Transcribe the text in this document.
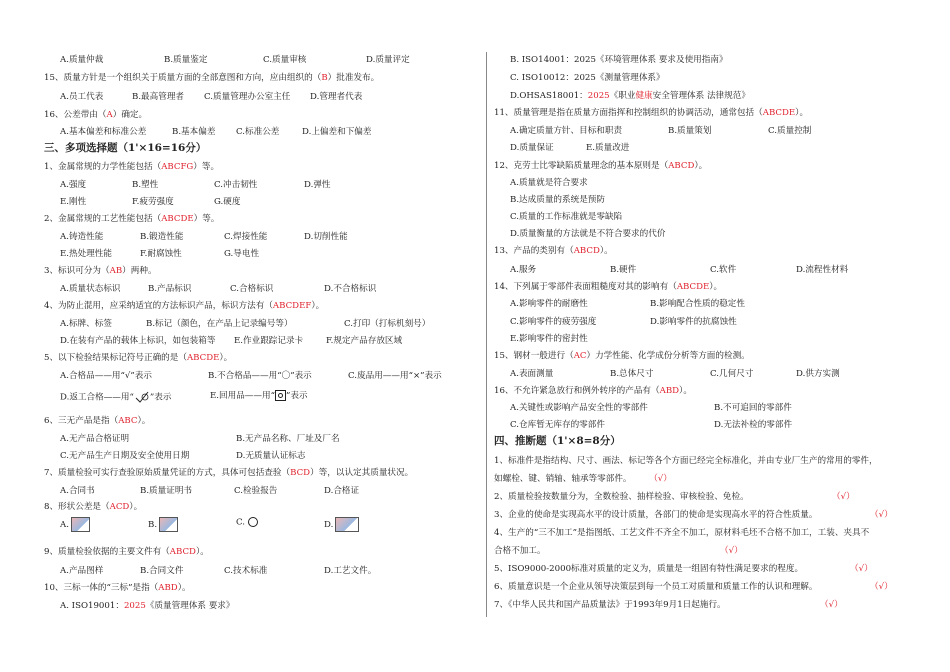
A.质量仲裁	B.质量鉴定	C.质量审核	D.质量评定
15、质量方针是一个组织关于质量方面的全部意图和方向，应由组织的（B）批准发布。
A.员工代表	B.最高管理者 C.质量管理办公室主任 D.管理者代表
16、公差带由（A）确定。
A.基本偏差和标准公差	B.基本偏差 C.标准公差	D.上偏差和下偏差
三、多项选择题（1'×16=16分）
1、金属常规的力学性能包括（ABCFG）等。
A.强度	B.塑性	C.冲击韧性	D.弹性
E.刚性	F.疲劳强度	G.硬度
2、金属常规的工艺性能包括（ABCDE）等。
A.铸造性能	B.锻造性能	C.焊接性能	D.切削性能
E.热处理性能	F.耐腐蚀性	G.导电性
3、标识可分为（AB）两种。
A.质量状态标识	B.产品标识	C.合格标识	D.不合格标识
4、为防止混用，应采纳适宜的方法标识产品，标识方法有（ABCDEF）。
A.标牌、标签	B.标记（颜色，在产品上记录编号等）	C.打印（打标机刻号）
D.在装有产品的载体上标识，如包装箱等 E.作业跟踪记录卡	F.规定产品存放区域
5、以下检验结果标记符号正确的是（ABCDE）。
A.合格品——用“√”表示	B.不合格品——用“〇”表示	C.废品用——用“×”表示
D.返工合格——用“ ”表示	E.回用品——用“ ”表示
6、三无产品是指（ABC）。
A.无产品合格证明	B.无产品名称、厂址及厂名
C.无产品生产日期及安全使用日期	D.无质量认证标志
7、质量检验可实行查验原始质量凭证的方式，具体可包括查验（BCD）等，以认定其质量状况。
A.合同书	B.质量证明书	C.检验报告	D.合格证
8、形状公差是（ACD）。
A.	B.	C.	D.
9、质量检验依据的主要文件有（ABCD）。
A.产品图样	B.合同文件	C.技术标准	D.工艺文件。
10、三标一体的“三标”是指（ABD）。
A. ISO19001：2025《质量管理体系 要求》
B. ISO14001：2025《环境管理体系 要求及使用指南》
C. ISO10012：2025《测量管理体系》
D.OHSAS18001：2025《职业健康安全管理体系 法律规范》
11、质量管理是指在质量方面指挥和控制组织的协调活动，通常包括（ABCDE）。
A.确定质量方针、目标和职责	B.质量策划	C.质量控制
D.质量保证	E.质量改进
12、克劳士比零缺陷质量理念的基本原则是（ABCD）。
A.质量就是符合要求
B.达成质量的系统是预防
C.质量的工作标准就是零缺陷
D.质量衡量的方法就是不符合要求的代价
13、产品的类别有（ABCD）。
A.服务	B.硬件	C.软件	D.流程性材料
14、下列属于零部件表面粗糙度对其的影响有（ABCDE）。
A.影响零件的耐磨性	B.影响配合性质的稳定性
C.影响零件的疲劳强度	D.影响零件的抗腐蚀性
E.影响零件的密封性
15、钢材一般进行（AC）力学性能、化学成份分析等方面的检测。
A.表面测量	B.总体尺寸	C.几何尺寸	D.供方实测
16、不允许紧急放行和例外转序的产品有（ABD）。
A.关键性或影响产品安全性的零部件	B.不可追回的零部件
C.仓库暂无库存的零部件	D.无法补检的零部件
四、推断题（1'×8=8分）
1、标准件是指结构、尺寸、画法、标记等各个方面已经完全标准化，并由专业厂生产的常用的零件，
如螺栓、键、销轴、轴承等零部件。	（√）
2、质量检验按数量分为，全数检验、抽样检验、审核检验、免检。	（√）
3、企业的使命是实现高水平的设计质量，各部门的使命是实现高水平的符合性质量。	（√）
4、生产的“三不加工”是指图纸、工艺文件不齐全不加工，原材料毛坯不合格不加工，工装、夹具不
合格不加工。	（√）
5、ISO9000-2000标准对质量的定义为，质量是一组固有特性满足要求的程度。	（√）
6、质量意识是一个企业从领导决策层到每一个员工对质量和质量工作的认识和理解。	（√）
7、《中华人民共和国产品质量法》于1993年9月1日起施行。	（√）
